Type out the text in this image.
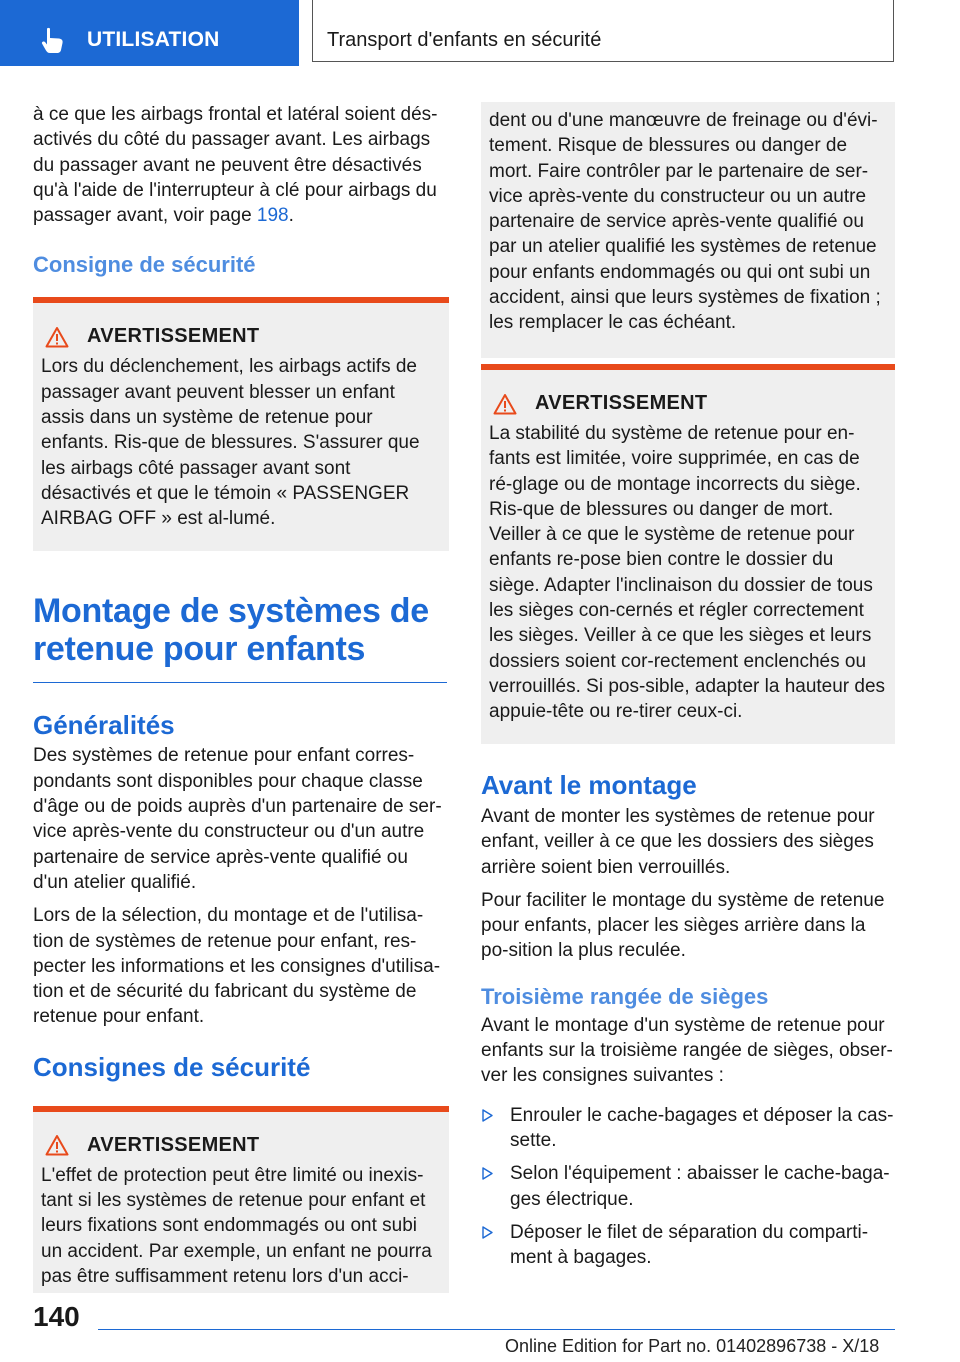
UTILISATION	Transport d'enfants en sécurité

à ce que les airbags frontal et latéral soient dés-activés du côté du passager avant. Les airbags du passager avant ne peuvent être désactivés qu'à l'aide de l'interrupteur à clé pour airbags du passager avant, voir page 198.

Consigne de sécurité
AVERTISSEMENT

Lors du déclenchement, les airbags actifs de passager avant peuvent blesser un enfant assis dans un système de retenue pour enfants. Ris-que de blessures. S'assurer que les airbags côté passager avant sont désactivés et que le témoin « PASSENGER AIRBAG OFF » est al-lumé.

Montage de systèmes de retenue pour enfants
Généralités

Des systèmes de retenue pour enfant corres-pondants sont disponibles pour chaque classe d'âge ou de poids auprès d'un partenaire de ser-vice après-vente du constructeur ou d'un autre partenaire de service après-vente qualifié ou d'un atelier qualifié.

Lors de la sélection, du montage et de l'utilisa-tion de systèmes de retenue pour enfant, res-pecter les informations et les consignes d'utilisa-tion et de sécurité du fabricant du système de retenue pour enfant.

Consignes de sécurité
AVERTISSEMENT

L'effet de protection peut être limité ou inexis-tant si les systèmes de retenue pour enfant et leurs fixations sont endommagés ou ont subi un accident. Par exemple, un enfant ne pourra pas être suffisamment retenu lors d'un acci-

dent ou d'une manœuvre de freinage ou d'évi-tement. Risque de blessures ou danger de mort. Faire contrôler par le partenaire de ser-vice après-vente du constructeur ou un autre partenaire de service après-vente qualifié ou par un atelier qualifié les systèmes de retenue pour enfants endommagés ou qui ont subi un accident, ainsi que leurs systèmes de fixation ; les remplacer le cas échéant.

AVERTISSEMENT

La stabilité du système de retenue pour en-fants est limitée, voire supprimée, en cas de ré-glage ou de montage incorrects du siège. Ris-que de blessures ou danger de mort. Veiller à ce que le système de retenue pour enfants re-pose bien contre le dossier du siège. Adapter l'inclinaison du dossier de tous les sièges con-cernés et régler correctement les sièges. Veiller à ce que les sièges et leurs dossiers soient cor-rectement enclenchés ou verrouillés. Si pos-sible, adapter la hauteur des appuie-tête ou re-tirer ceux-ci.

Avant le montage

Avant de monter les systèmes de retenue pour enfant, veiller à ce que les dossiers des sièges arrière soient bien verrouillés.

Pour faciliter le montage du système de retenue pour enfants, placer les sièges arrière dans la po-sition la plus reculée.

Troisième rangée de sièges

Avant le montage d'un système de retenue pour enfants sur la troisième rangée de sièges, obser-ver les consignes suivantes :

Enrouler le cache-bagages et déposer la cas-sette.
Selon l'équipement : abaisser le cache-baga-ges électrique.
Déposer le filet de séparation du comparti-ment à bagages.
140
Online Edition for Part no. 01402896738 - X/18
